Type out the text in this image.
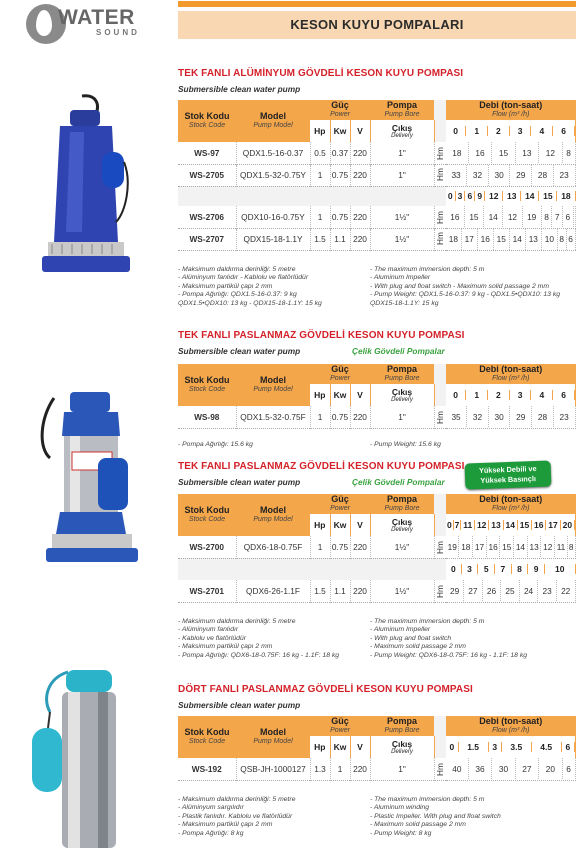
WATER
SOUND
KESON KUYU POMPALARI
TEK FANLI ALÜMİNYUM GÖVDELİ KESON KUYU POMPASI
Submersible clean water pump
Stok Kodu
Stock Code
	Model
Pump Model
	Güç
Power
	Pompa
Pump Bore
		Debi (ton-saat)
Flow (m³ /h)

Hp	Kw	V	Çıkış
Delivery
		0	1	2	3	4	6

WS-97	QDX1.5-16-0.37	0.5	0.37	220	1"	Hm	18	16	15	13	12	8

WS-2705	QDX1.5-32-0.75Y	1	0.75	220	1"	Hm	33	32	30	29	28	23

0	3	6	9	12	13	14	15	18

WS-2706	QDX10-16-0.75Y	1	0.75	220	1½"	Hm	16	15	14	12	19	8	7	6	

WS-2707	QDX15-18-1.1Y	1.5	1.1	220	1½"	Hm	18	17	16	15	14	13	10	8	6
- Maksimum daldırma derinliği: 5 metre
- Alüminyum fanlıdır - Kablolu ve flatörlüdür
- Maksimum partikül çapı 2 mm
- Pompa Ağırlığı: QDX1.5-16-0.37: 9 kg
QDX1.5•QDX10: 13 kg - QDX15-18-1.1Y: 15 kg
- The maximum immersion depth: 5 m
- Aluminum Impeller
- With plug and float switch - Maximum solid passage 2 mm
- Pump Weight: QDX1.5-16-0.37: 9 kg - QDX1.5•QDX10: 13 kg
QDX15-18-1.1Y: 15 kg
TEK FANLI PASLANMAZ GÖVDELİ KESON KUYU POMPASI
Submersible clean water pump	Çelik Gövdeli Pompalar
Stok Kodu
Stock Code
	Model
Pump Model
	Güç
Power
	Pompa
Pump Bore
		Debi (ton-saat)
Flow (m³ /h)

Hp	Kw	V	Çıkış
Delivery
		0	1	2	3	4	6

WS-98	QDX1.5-32-0.75F	1	0.75	220	1"	Hm	35	32	30	29	28	23
- Pompa Ağırlığı: 15.6 kg	- Pump Weight: 15.6 kg
TEK FANLI PASLANMAZ GÖVDELİ KESON KUYU POMPASI
Submersible clean water pump	Çelik Gövdeli Pompalar
Yüksek Debili ve
Yüksek Basınçlı
Stok Kodu
Stock Code
	Model
Pump Model
	Güç
Power
	Pompa
Pump Bore
		Debi (ton-saat)
Flow (m³ /h)

Hp	Kw	V	Çıkış
Delivery
		0	7	11	12	13	14	15	16	17	20

WS-2700	QDX6-18-0.75F	1	0.75	220	1½"	Hm	19	18	17	16	15	14	13	12	11	8

0	3	5	7	8	9	10

WS-2701	QDX6-26-1.1F	1.5	1.1	220	1½"	Hm	29	27	26	25	24	23	22
- Maksimum daldırma derinliği: 5 metre
- Alüminyum fanlıdır
- Kablolu ve flatörlüdür
- Maksimum partikül çapı 2 mm
- Pompa Ağırlığı: QDX6-18-0.75F: 16 kg - 1.1F: 18 kg
- The maximum immersion depth: 5 m
- Aluminum Impeller
- With plug and float switch
- Maximum solid passage 2 mm
- Pump Weight: QDX6-18-0.75F: 16 kg - 1.1F: 18 kg
DÖRT FANLI PASLANMAZ GÖVDELİ KESON KUYU POMPASI
Submersible clean water pump
Stok Kodu
Stock Code
	Model
Pump Model
	Güç
Power
	Pompa
Pump Bore
		Debi (ton-saat)
Flow (m³ /h)

Hp	Kw	V	Çıkış
Delivery
		0	1.5	3	3.5	4.5	6

WS-192	QSB-JH-1000127	1.3	1	220	1"	Hm	40	36	30	27	20	6
- Maksimum daldırma derinliği: 5 metre
- Alüminyum sargılıdır
- Plastik fanlıdır. Kablolu ve flatörlüdür
- Maksimum partikül çapı 2 mm
- Pompa Ağırlığı: 8 kg
- The maximum immersion depth: 5 m
- Aluminum winding
- Plastic Impeller. With plug and float switch
- Maximum solid passage 2 mm
- Pump Weight: 8 kg
